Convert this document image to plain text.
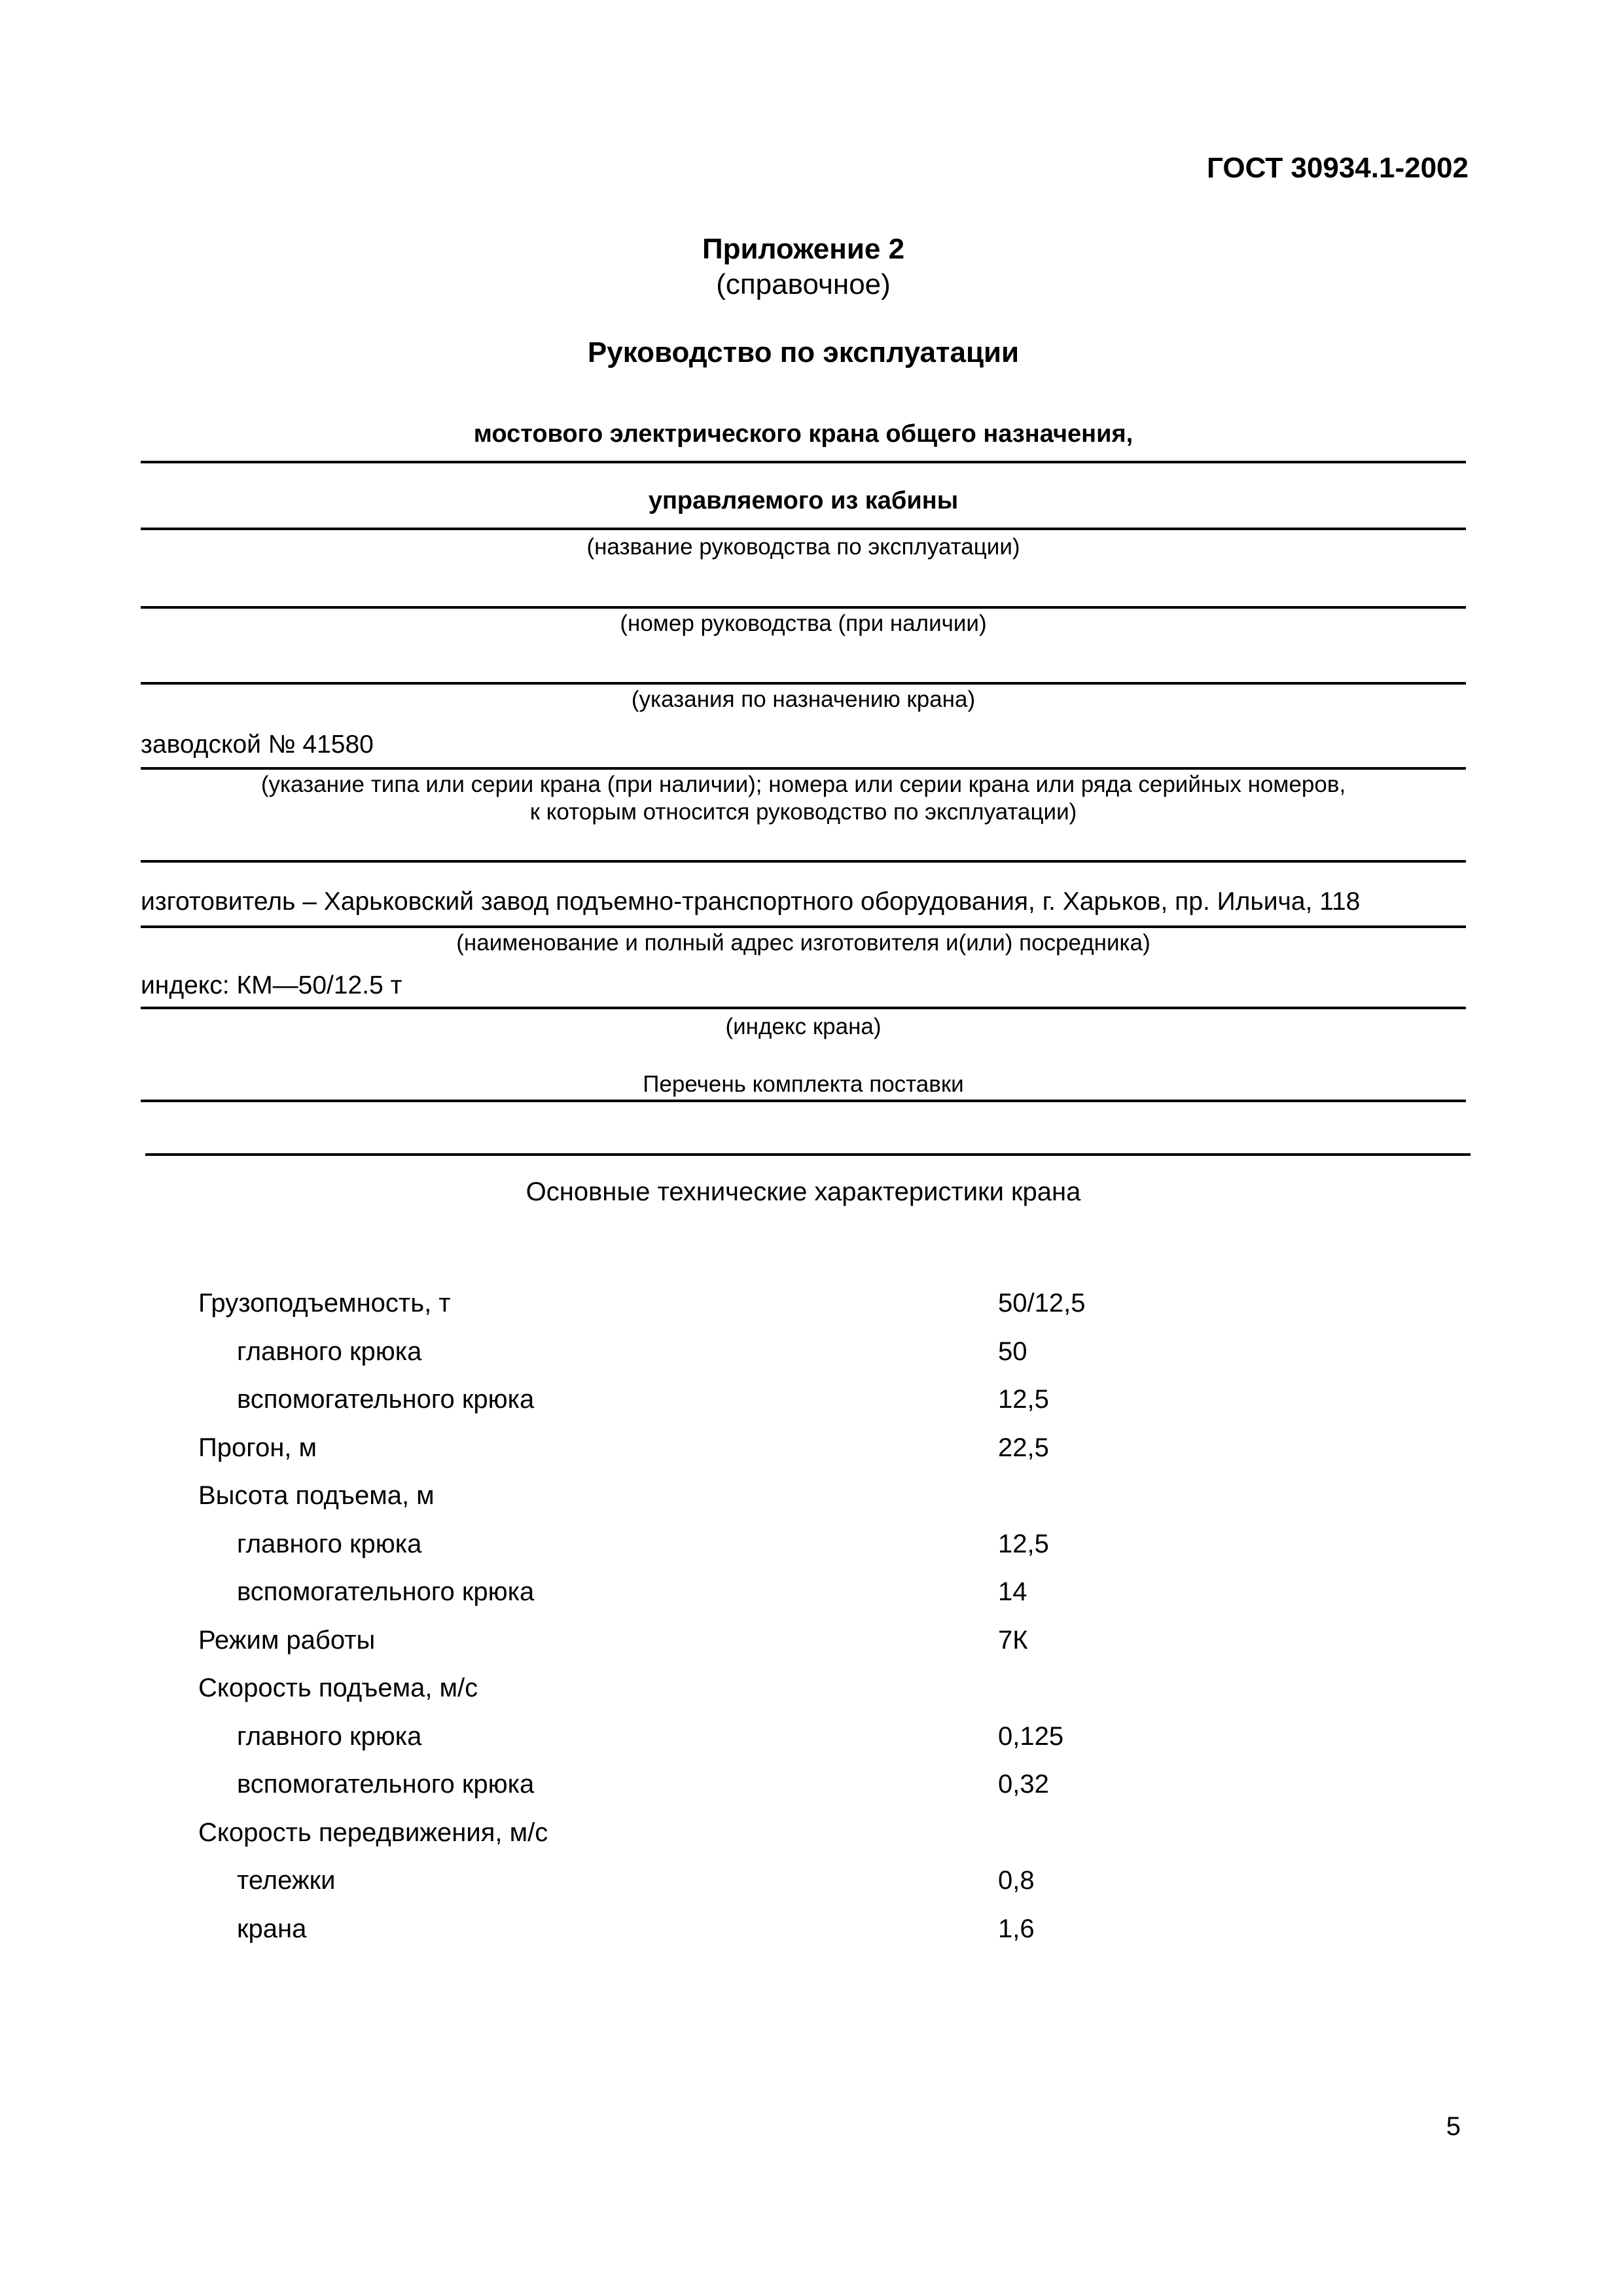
ГОСТ 30934.1-2002
Приложение 2
(справочное)
Руководство по эксплуатации
мостового электрического крана общего назначения,
управляемого из кабины
(название руководства по эксплуатации)
(номер руководства (при наличии)
(указания по назначению крана)
заводской № 41580
(указание типа или серии крана (при наличии); номера или серии крана или ряда серийных номеров,
к которым относится руководство по эксплуатации)
изготовитель – Харьковский завод подъемно-транспортного оборудования, г. Харьков, пр. Ильича, 118
(наименование и полный адрес изготовителя и(или) посредника)
индекс: КМ—50/12.5 т
(индекс крана)
Перечень комплекта поставки
Основные технические характеристики крана
Грузоподъемность, т	50/12,5
главного крюка	50
вспомогательного крюка	12,5
Прогон, м	22,5
Высота подъема, м
главного крюка	12,5
вспомогательного крюка	14
Режим работы	7К
Скорость подъема, м/с
главного крюка	0,125
вспомогательного крюка	0,32
Скорость передвижения, м/с
тележки	0,8
крана	1,6
5
